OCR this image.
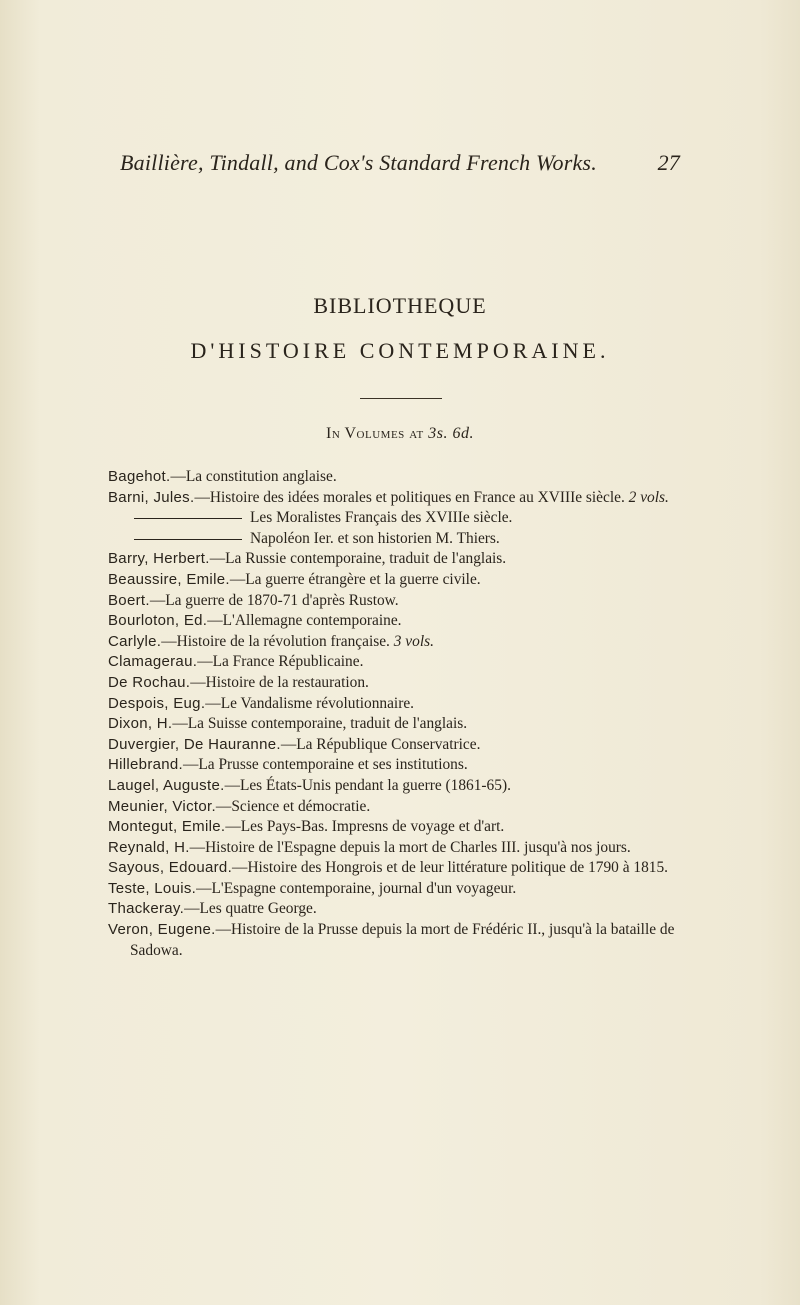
Baillière, Tindall, and Cox's Standard French Works.	27
BIBLIOTHEQUE
D'HISTOIRE CONTEMPORAINE.
In Volumes at 3s. 6d.

Bagehot.—La constitution anglaise.

Barni, Jules.—Histoire des idées morales et politiques en France au XVIIIe siècle. 2 vols.

Les Moralistes Français des XVIIIe siècle.

Napoléon Ier. et son historien M. Thiers.

Barry, Herbert.—La Russie contemporaine, traduit de l'anglais.

Beaussire, Emile.—La guerre étrangère et la guerre civile.

Boert.—La guerre de 1870-71 d'après Rustow.

Bourloton, Ed.—L'Allemagne contemporaine.

Carlyle.—Histoire de la révolution française. 3 vols.

Clamagerau.—La France Républicaine.

De Rochau.—Histoire de la restauration.

Despois, Eug.—Le Vandalisme révolutionnaire.

Dixon, H.—La Suisse contemporaine, traduit de l'anglais.

Duvergier, De Hauranne.—La République Conservatrice.

Hillebrand.—La Prusse contemporaine et ses institutions.

Laugel, Auguste.—Les États-Unis pendant la guerre (1861-65).

Meunier, Victor.—Science et démocratie.

Montegut, Emile.—Les Pays-Bas. Impresns de voyage et d'art.

Reynald, H.—Histoire de l'Espagne depuis la mort de Charles III. jusqu'à nos jours.

Sayous, Edouard.—Histoire des Hongrois et de leur littérature politique de 1790 à 1815.

Teste, Louis.—L'Espagne contemporaine, journal d'un voyageur.

Thackeray.—Les quatre George.

Veron, Eugene.—Histoire de la Prusse depuis la mort de Frédéric II., jusqu'à la bataille de Sadowa.
